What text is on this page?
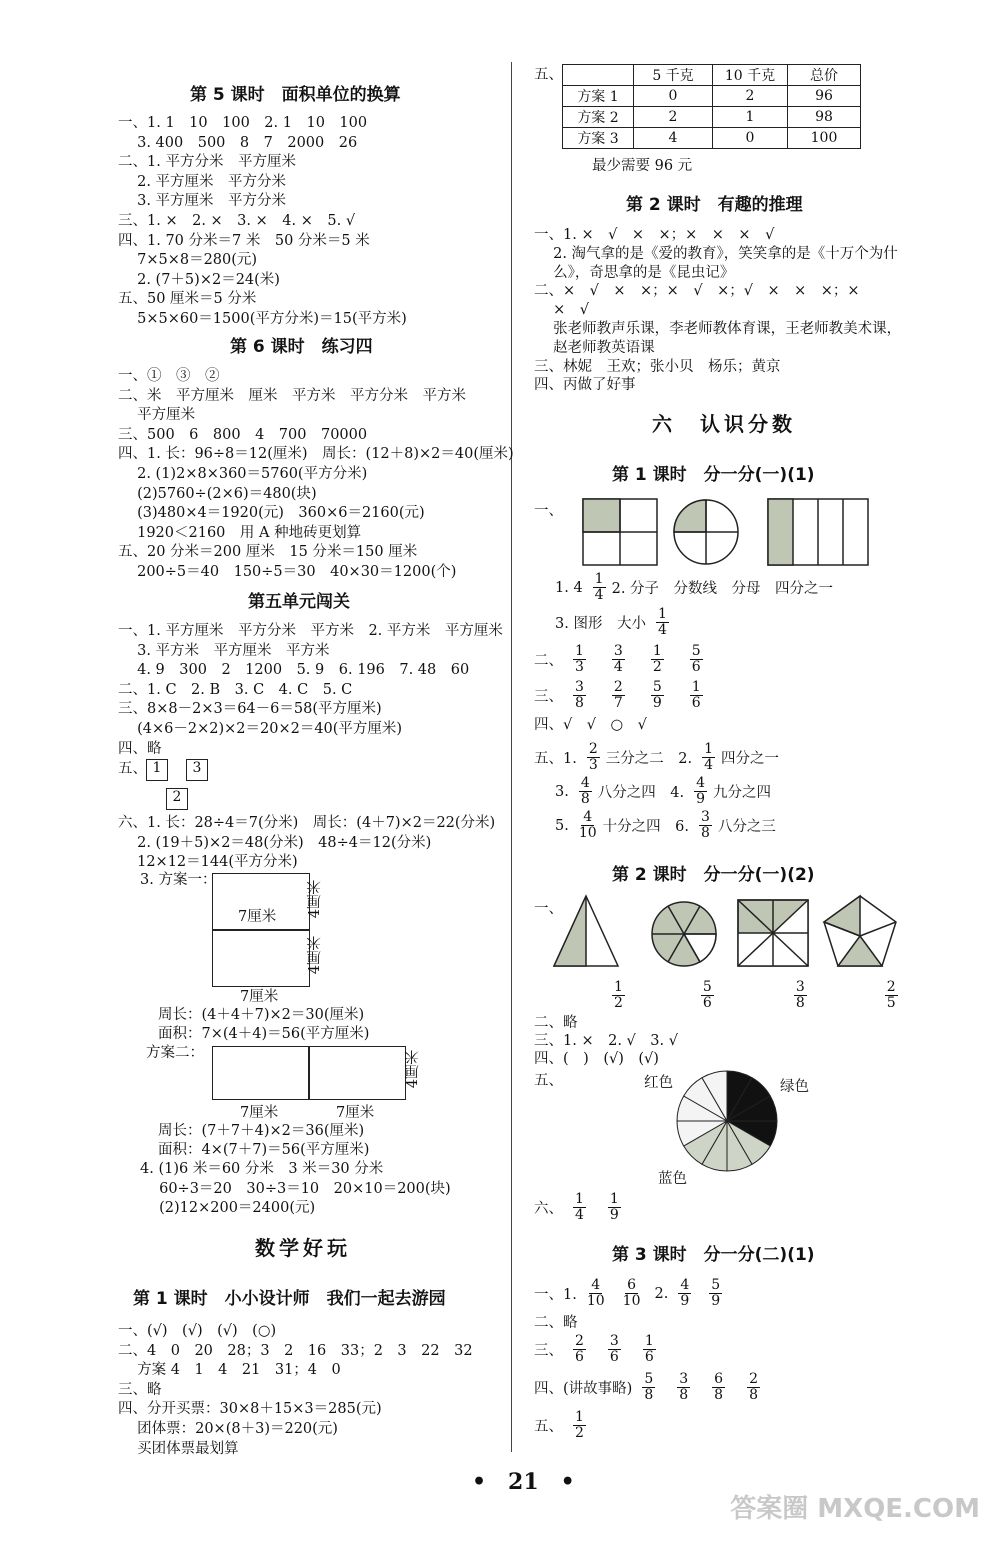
第 5 课时　面积单位的换算
一、1. 1　10　100　2. 1　10　100
　 3. 400　500　8　7　2000　26
二、1. 平方分米　平方厘米
　 2. 平方厘米　平方分米
　 3. 平方厘米　平方分米
三、1. ×　2. ×　3. ×　4. ×　5. √
四、1. 70 分米＝7 米　50 分米＝5 米
　 7×5×8＝280(元)
　 2. (7＋5)×2＝24(米)
五、50 厘米＝5 分米
　 5×5×60＝1500(平方分米)＝15(平方米)
第 6 课时　练习四
一、①　③　②
二、米　平方厘米　厘米　平方米　平方分米　平方米
　 平方厘米
三、500　6　800　4　700　70000
四、1. 长：96÷8＝12(厘米)　周长：(12＋8)×2＝40(厘米)
　 2. (1)2×8×360＝5760(平方分米)
　 (2)5760÷(2×6)＝480(块)
　 (3)480×4＝1920(元)　360×6＝2160(元)
　 1920＜2160　用 A 种地砖更划算
五、20 分米＝200 厘米　15 分米＝150 厘米
　 200÷5＝40　150÷5＝30　40×30＝1200(个)
第五单元闯关
一、1. 平方厘米　平方分米　平方米　2. 平方米　平方厘米
　 3. 平方米　平方厘米　平方米
　 4. 9　300　2　1200　5. 9　6. 196　7. 48　60
二、1. C　2. B　3. C　4. C　5. C
三、8×8－2×3＝64－6＝58(平方厘米)
　 (4×6－2×2)×2＝20×2＝40(平方厘米)
四、略
五、 1	3
2
六、1. 长：28÷4＝7(分米)　周长：(4＋7)×2＝22(分米)
　 2. (19＋5)×2＝48(分米)　48÷4＝12(分米)
　 12×12＝144(平方分米)
3. 方案一：
7厘米 4厘米
4厘米
7厘米
周长：(4＋4＋7)×2＝30(厘米)
面积：7×(4＋4)＝56(平方厘米)
方案二：	4厘米
7厘米	7厘米
周长：(7＋7＋4)×2＝36(厘米)
面积：4×(7＋7)＝56(平方厘米)
4. (1)6 米＝60 分米　3 米＝30 分米
　 60÷3＝20　30÷3＝10　20×10＝200(块)
　 (2)12×200＝2400(元)
数学好玩
第 1 课时　小小设计师　我们一起去游园
一、(√)　(√)　(√)　(○)
二、4　0　20　28；3　2　16　33；2　3　22　32
　 方案 4　1　4　21　31；4　0
三、略
四、分开买票：30×8＋15×3＝285(元)
　 团体票：20×(8＋3)＝220(元)
　 买团体票最划算
五、
		5 千克	10 千克	总价
方案 1	0	2	96
方案 2	2	1	98
方案 3	4	0	100
最少需要 96 元
第 2 课时　有趣的推理
一、1. ×　√　×　×；×　×　×　√
　 2. 淘气拿的是《爱的教育》，笑笑拿的是《十万个为什
　 么》，奇思拿的是《昆虫记》
二、×　√　×　×；×　√　×；√　×　×　×；×
　 ×　√
　 张老师教声乐课，李老师教体育课，王老师教美术课，
　 赵老师教英语课
三、林妮　王欢；张小贝　杨乐；黄京
四、丙做了好事
六　认识分数
第 1 课时　分一分(一)(1)
一、
1. $4 \frac{1}{4} 2$. 分子　分数线　分母　四分之一
3. 图形　大小 $\frac{1}{4}$
二、 $\frac{1}{3} \frac{3}{4} \frac{1}{2} \frac{5}{6}$
三、 $\frac{3}{8} \frac{2}{7} \frac{5}{9} \frac{1}{6}$
四、√　√　○　√
五、1. $\frac{2}{3}$ 三分之二　2. $\frac{1}{4}$ 四分之一
3. $\frac{4}{8}$ 八分之四　4. $\frac{4}{9}$ 九分之四
5. $\frac{4}{10}$ 十分之四　6. $\frac{3}{8}$ 八分之三
第 2 课时　分一分(一)(2)
一、
$\frac{1}{2}$	$\frac{5}{6}$	$\frac{3}{8}$	$\frac{2}{5}$
二、略
三、1. ×　2. √　3. √
四、(　)　(√)　(√)
五、	红色	绿色
蓝色
六、 $\frac{1}{4} \frac{1}{9}$
第 3 课时　分一分(二)(1)
一、1. $\frac{4}{10} \frac{6}{10} 2$. $\frac{4}{9} \frac{5}{9}$
二、略
三、 $\frac{2}{6} \frac{3}{6} \frac{1}{6}$
四、(讲故事略) $\frac{5}{8} \frac{3}{8} \frac{6}{8} \frac{2}{8}$
五、 $\frac{1}{2}$
•　21　•
答案圈 MXQE.COM
